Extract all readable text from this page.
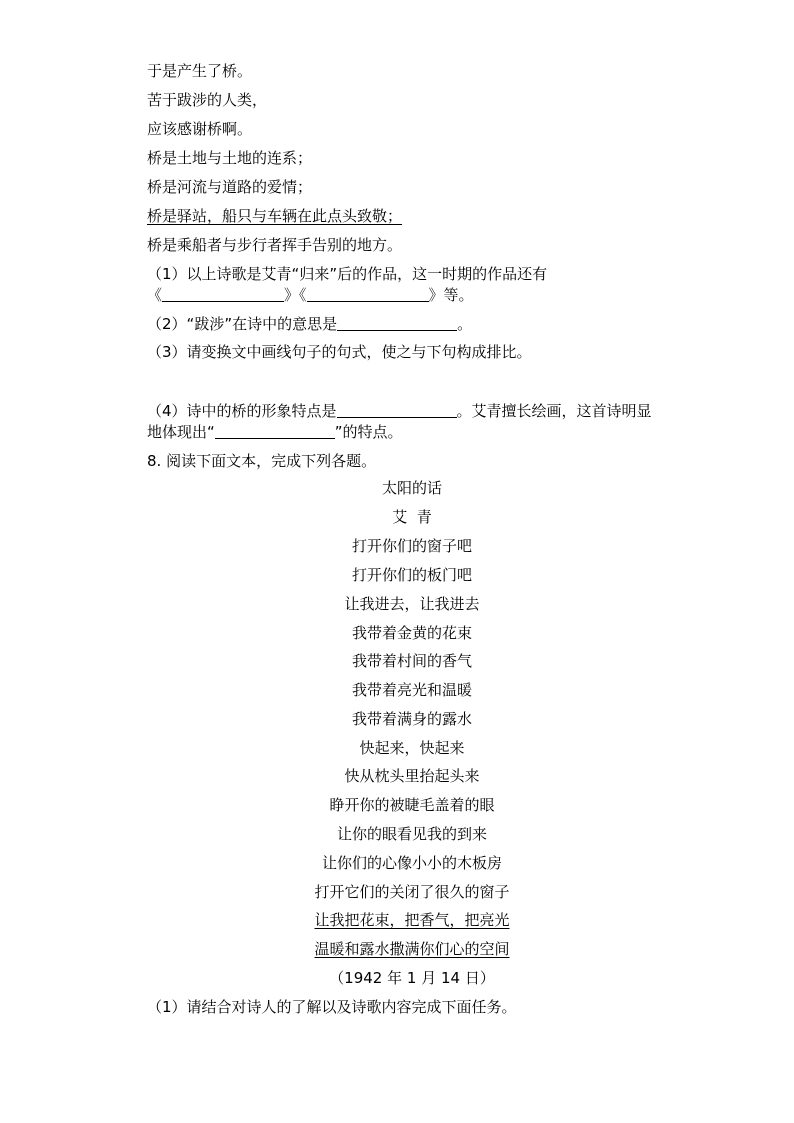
于是产生了桥。
苦于跋涉的人类，
应该感谢桥啊。
桥是土地与土地的连系；
桥是河流与道路的爱情；
桥是驿站，船只与车辆在此点头致敬；
桥是乘船者与步行者挥手告别的地方。
（1）以上诗歌是艾青“归来”后的作品，这一时期的作品还有
《	》《	》等。
（2）“跋涉”在诗中的意思是	。
（3）请变换文中画线句子的句式，使之与下句构成排比。
（4）诗中的桥的形象特点是	。艾青擅长绘画，这首诗明显
地体现出“	”的特点。
8. 阅读下面文本，完成下列各题。
太阳的话
艾  青
打开你们的窗子吧
打开你们的板门吧
让我进去，让我进去
我带着金黄的花束
我带着村间的香气
我带着亮光和温暖
我带着满身的露水
快起来，快起来
快从枕头里抬起头来
睁开你的被睫毛盖着的眼
让你的眼看见我的到来
让你们的心像小小的木板房
打开它们的关闭了很久的窗子
让我把花束，把香气，把亮光
温暖和露水撒满你们心的空间
（1942 年 1 月 14 日）
（1）请结合对诗人的了解以及诗歌内容完成下面任务。
